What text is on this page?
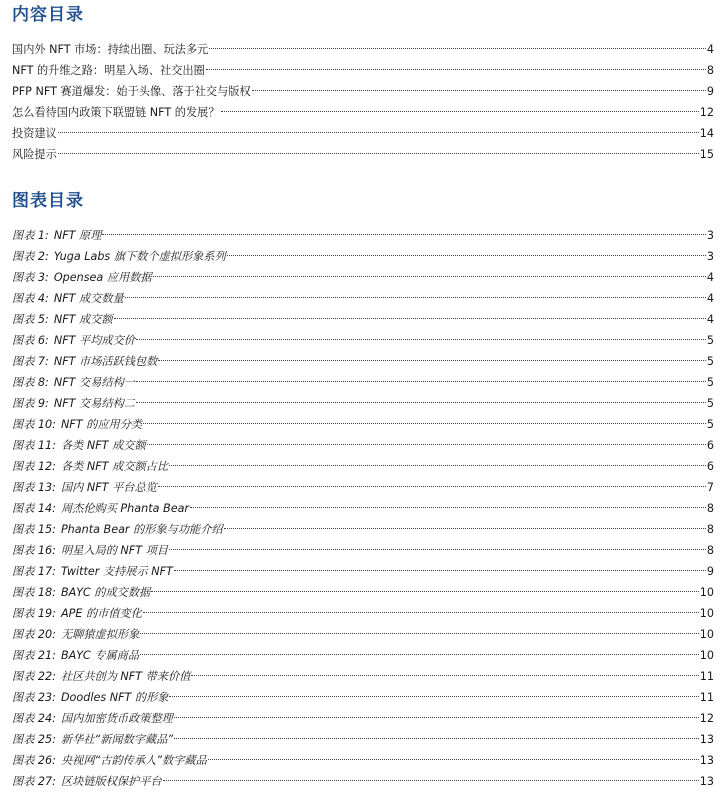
内容目录
国内外 NFT 市场：持续出圈、玩法多元	4
NFT 的升维之路：明星入场、社交出圈	8
PFP NFT 赛道爆发：始于头像、落于社交与版权	9
怎么看待国内政策下联盟链 NFT 的发展？	12
投资建议	14
风险提示	15
图表目录
图表 1: NFT 原理	3
图表 2: Yuga Labs 旗下数个虚拟形象系列	3
图表 3: Opensea 应用数据	4
图表 4: NFT 成交数量	4
图表 5: NFT 成交额	4
图表 6: NFT 平均成交价	5
图表 7: NFT 市场活跃钱包数	5
图表 8: NFT 交易结构一	5
图表 9: NFT 交易结构二	5
图表 10: NFT 的应用分类	5
图表 11: 各类 NFT 成交额	6
图表 12: 各类 NFT 成交额占比	6
图表 13: 国内 NFT 平台总览	7
图表 14: 周杰伦购买 Phanta Bear	8
图表 15: Phanta Bear 的形象与功能介绍	8
图表 16: 明星入局的 NFT 项目	8
图表 17: Twitter 支持展示 NFT	9
图表 18: BAYC 的成交数据	10
图表 19: APE 的市值变化	10
图表 20: 无聊猿虚拟形象	10
图表 21: BAYC 专属商品	10
图表 22: 社区共创为 NFT 带来价值	11
图表 23: Doodles NFT 的形象	11
图表 24: 国内加密货币政策整理	12
图表 25: 新华社“新闻数字藏品”	13
图表 26: 央视网“古韵传承人”数字藏品	13
图表 27: 区块链版权保护平台	13
